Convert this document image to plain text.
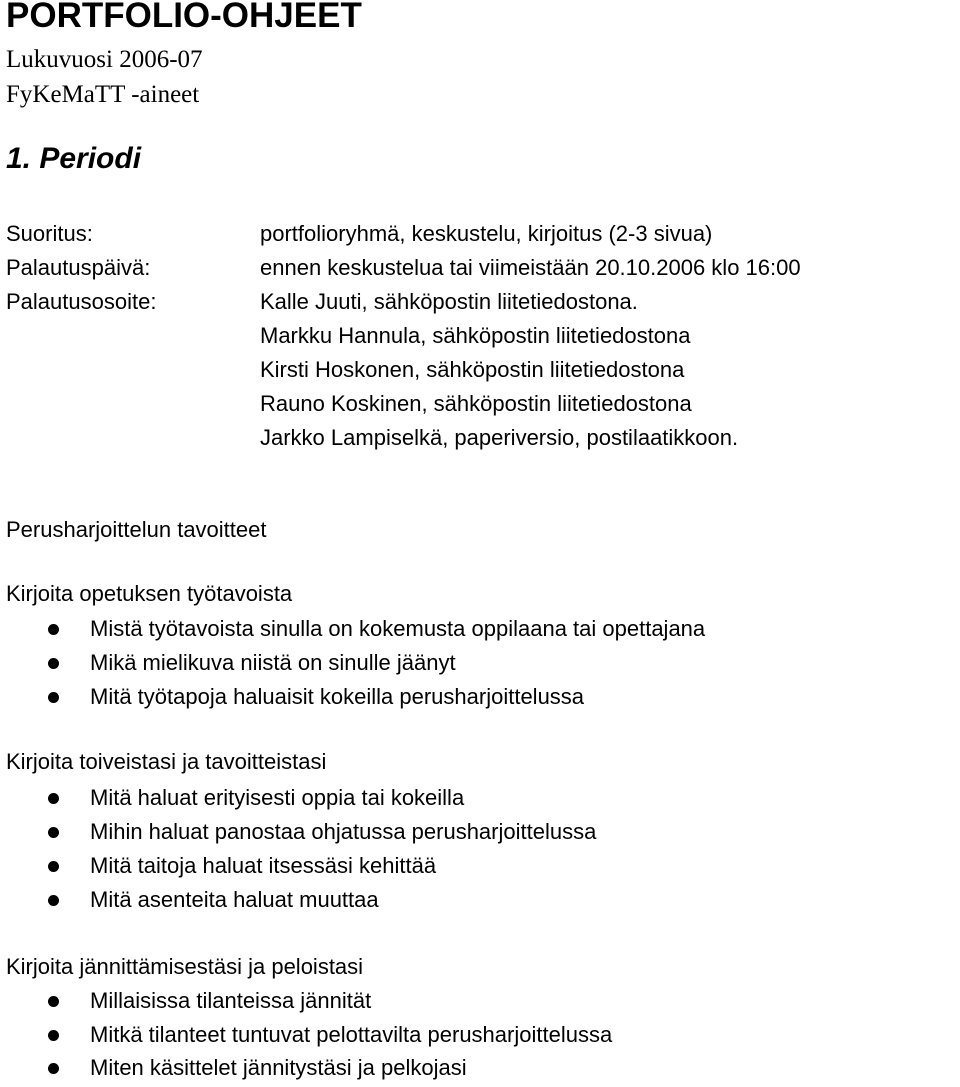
PORTFOLIO-OHJEET
Lukuvuosi 2006-07
FyKeMaTT -aineet
1. Periodi
Suoritus:	portfolioryhmä, keskustelu, kirjoitus (2-3 sivua)
Palautuspäivä:	ennen keskustelua tai viimeistään 20.10.2006 klo 16:00
Palautusosoite:	Kalle Juuti, sähköpostin liitetiedostona.
Markku Hannula, sähköpostin liitetiedostona
Kirsti Hoskonen, sähköpostin liitetiedostona
Rauno Koskinen, sähköpostin liitetiedostona
Jarkko Lampiselkä, paperiversio, postilaatikkoon.
Perusharjoittelun tavoitteet
Kirjoita opetuksen työtavoista
Mistä työtavoista sinulla on kokemusta oppilaana tai opettajana
Mikä mielikuva niistä on sinulle jäänyt
Mitä työtapoja haluaisit kokeilla perusharjoittelussa
Kirjoita toiveistasi ja tavoitteistasi
Mitä haluat erityisesti oppia tai kokeilla
Mihin haluat panostaa ohjatussa perusharjoittelussa
Mitä taitoja haluat itsessäsi kehittää
Mitä asenteita haluat muuttaa
Kirjoita jännittämisestäsi ja peloistasi
Millaisissa tilanteissa jännität
Mitkä tilanteet tuntuvat pelottavilta perusharjoittelussa
Miten käsittelet jännitystäsi ja pelkojasi
